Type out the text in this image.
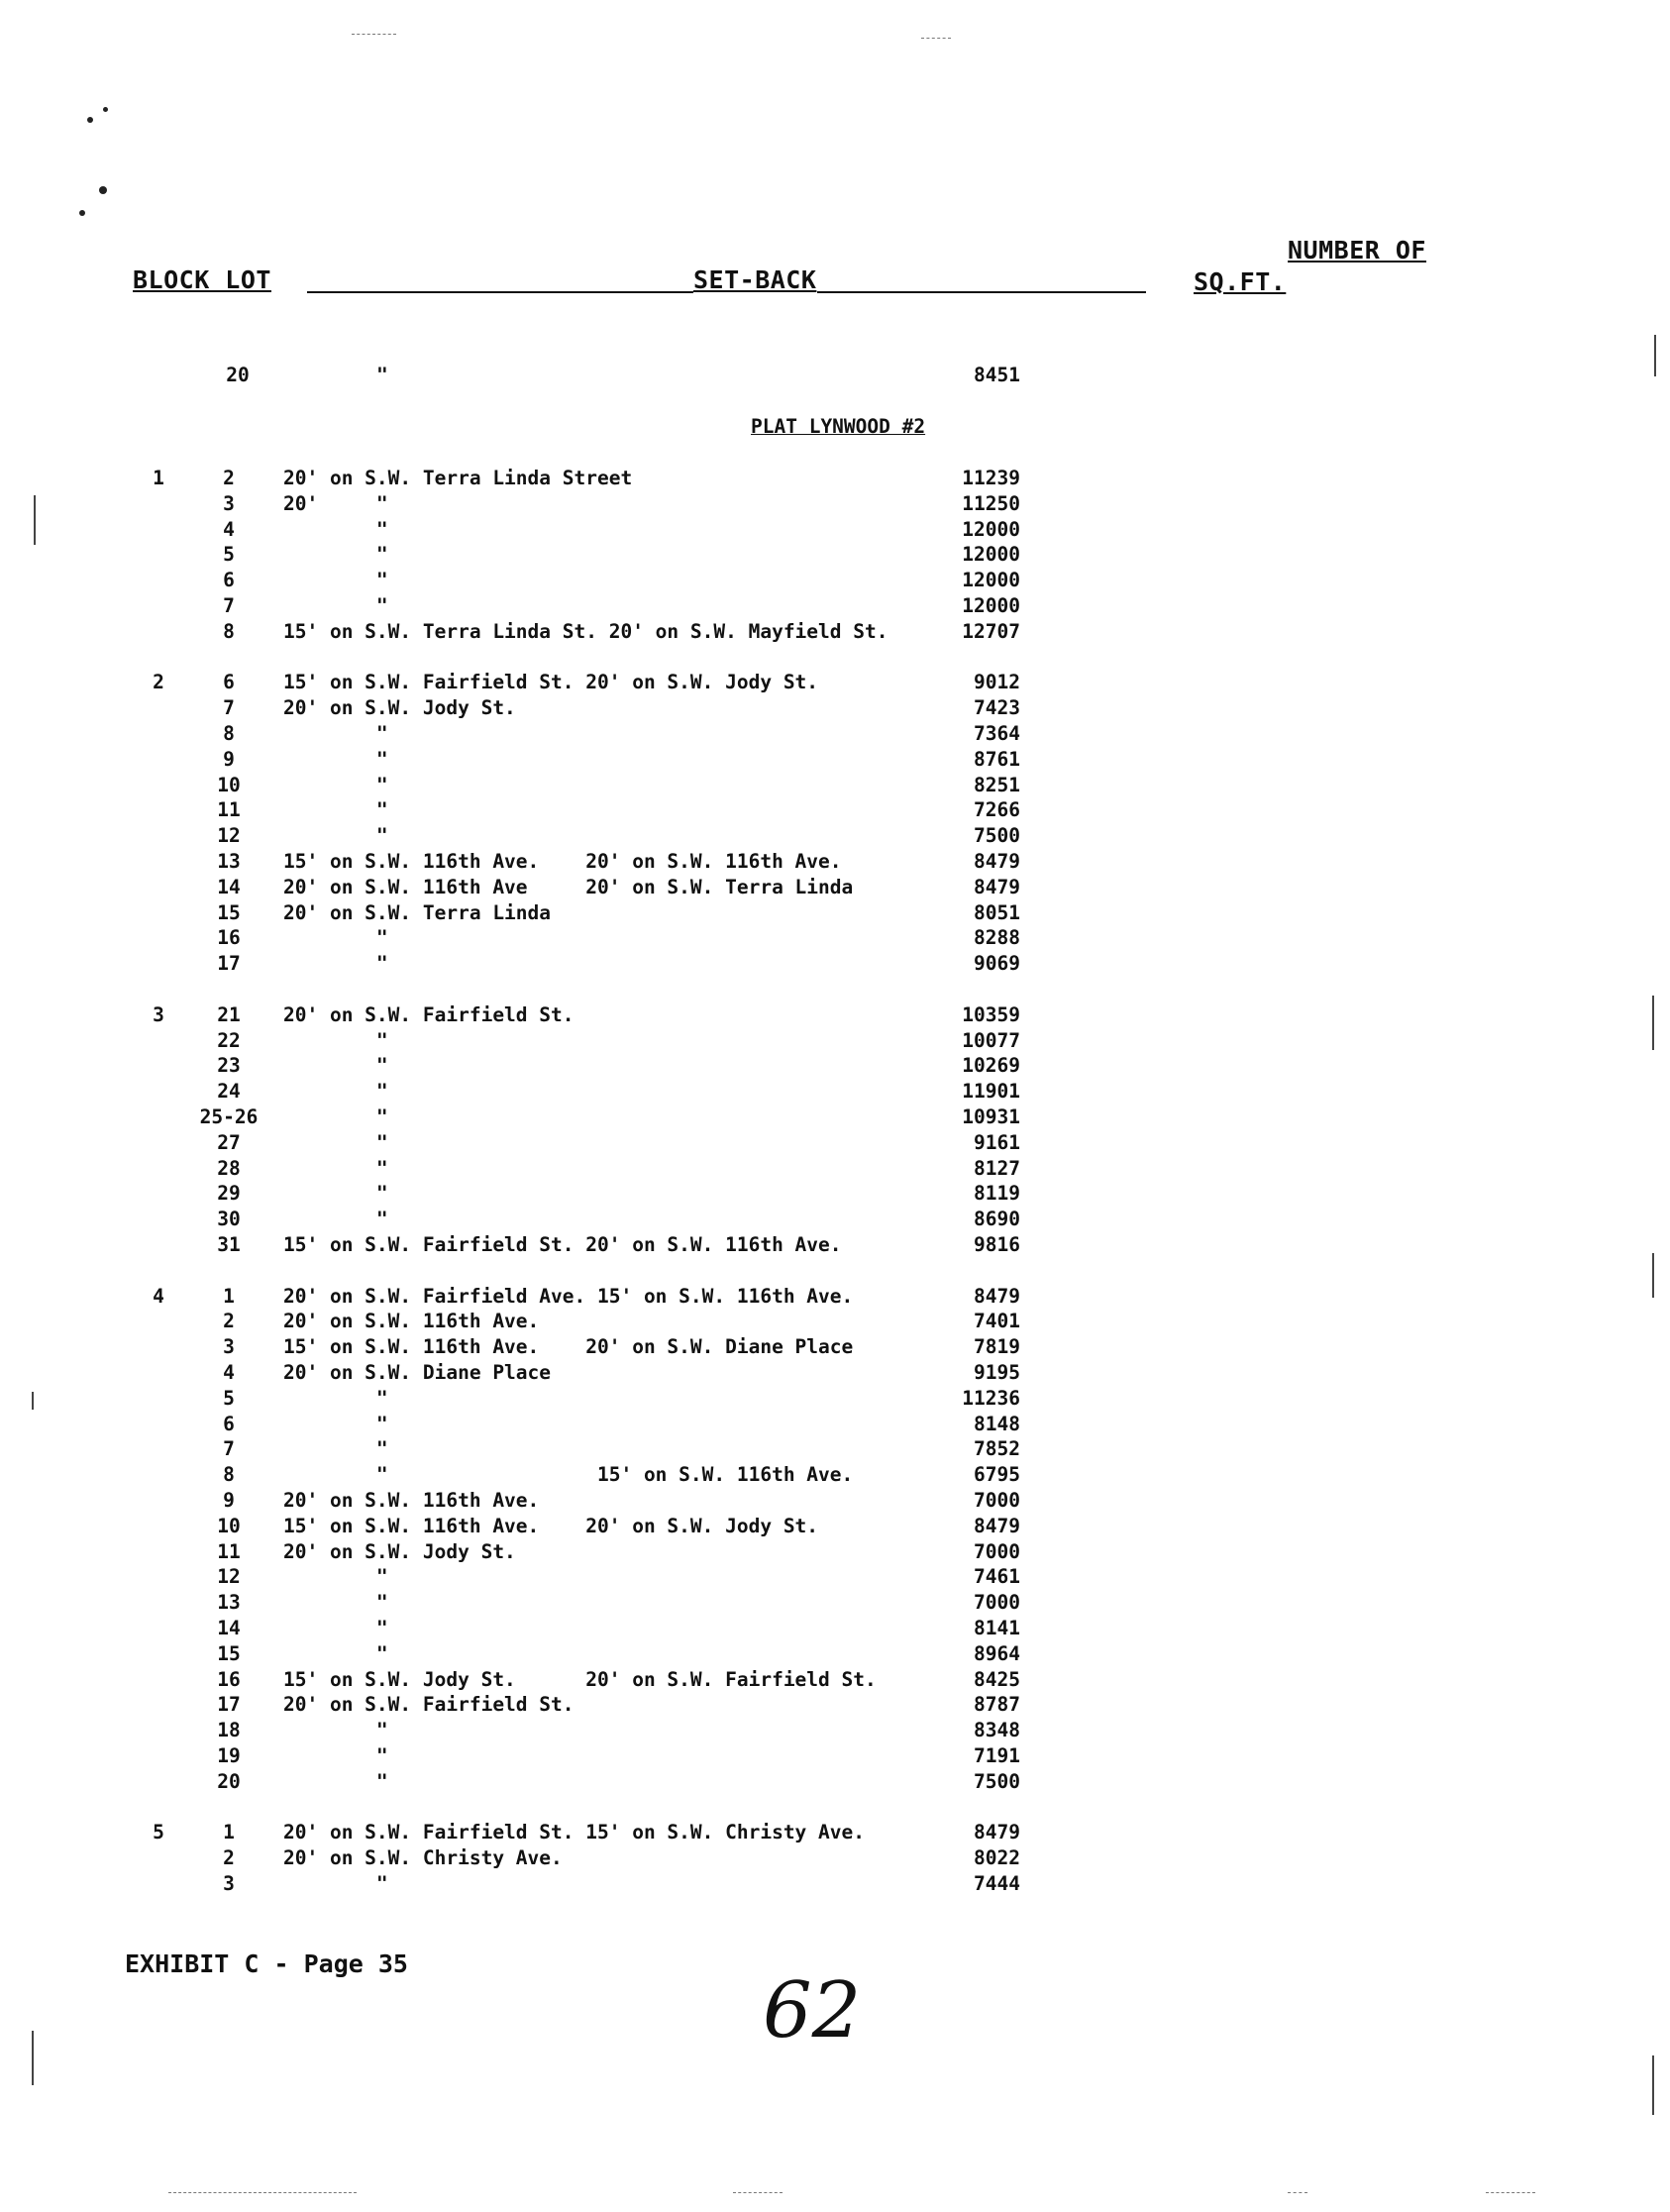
BLOCK LOT	SET-BACK
NUMBER OF
SQ.FT.
20	"	8451
PLAT LYNWOOD #2
1	2	20' on S.W. Terra Linda Street	11239
3	20'     "	11250
4	"	12000
5	"	12000
6	"	12000
7	"	12000
8	15' on S.W. Terra Linda St. 20' on S.W. Mayfield St.	12707
2	6	15' on S.W. Fairfield St. 20' on S.W. Jody St.	9012
7	20' on S.W. Jody St.	7423
8	"	7364
9	"	8761
10	"	8251
11	"	7266
12	"	7500
13	15' on S.W. 116th Ave.    20' on S.W. 116th Ave.	8479
14	20' on S.W. 116th Ave     20' on S.W. Terra Linda	8479
15	20' on S.W. Terra Linda	8051
16	"	8288
17	"	9069
3	21	20' on S.W. Fairfield St.	10359
22	"	10077
23	"	10269
24	"	11901
25-26 "	10931
27	"	9161
28	"	8127
29	"	8119
30	"	8690
31	15' on S.W. Fairfield St. 20' on S.W. 116th Ave.	9816
4	1	20' on S.W. Fairfield Ave. 15' on S.W. 116th Ave.	8479
2	20' on S.W. 116th Ave.	7401
3	15' on S.W. 116th Ave.    20' on S.W. Diane Place	7819
4	20' on S.W. Diane Place	9195
5	"	11236
6	"	8148
7	"	7852
8	"                  15' on S.W. 116th Ave.	6795
9	20' on S.W. 116th Ave.	7000
10	15' on S.W. 116th Ave.    20' on S.W. Jody St.	8479
11	20' on S.W. Jody St.	7000
12	"	7461
13	"	7000
14	"	8141
15	"	8964
16	15' on S.W. Jody St.      20' on S.W. Fairfield St.	8425
17	20' on S.W. Fairfield St.	8787
18	"	8348
19	"	7191
20	"	7500
5	1	20' on S.W. Fairfield St. 15' on S.W. Christy Ave.	8479
2	20' on S.W. Christy Ave.	8022
3	"	7444
EXHIBIT C - Page 35
62
